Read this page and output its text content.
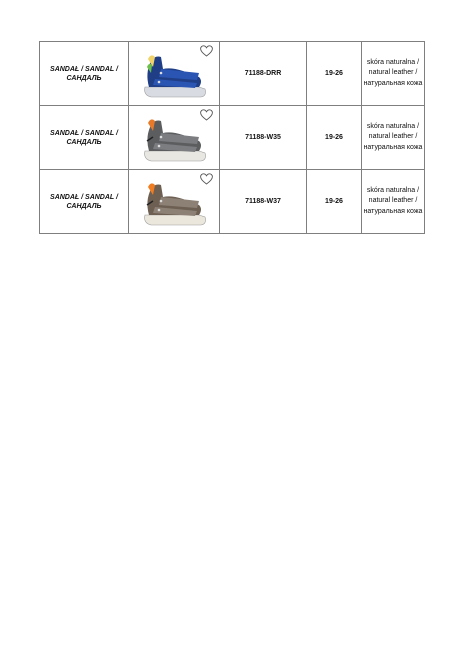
SANDAŁ / SANDAL / САНДАЛЬ		71188-DRR	19-26	skóra naturalna / natural leather / натуральная кожа
SANDAŁ / SANDAL / САНДАЛЬ		71188-W35	19-26	skóra naturalna / natural leather / натуральная кожа
SANDAŁ / SANDAL / САНДАЛЬ		71188-W37	19-26	skóra naturalna / natural leather / натуральная кожа
